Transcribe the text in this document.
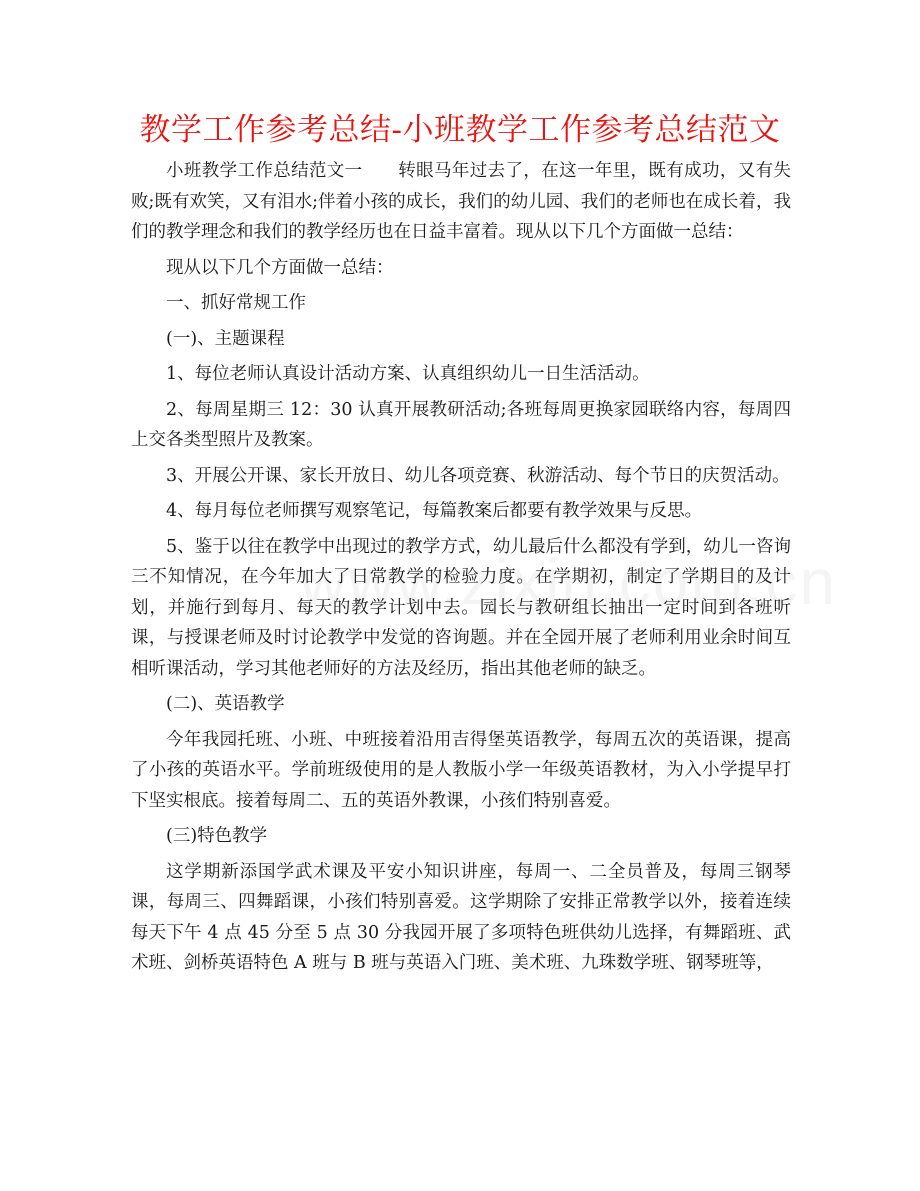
教学工作参考总结-小班教学工作参考总结范文

小班教学工作总结范文一　　转眼马年过去了，在这一年里，既有成功，又有失败;既有欢笑，又有泪水;伴着小孩的成长，我们的幼儿园、我们的老师也在成长着，我们的教学理念和我们的教学经历也在日益丰富着。现从以下几个方面做一总结：

现从以下几个方面做一总结：

一、抓好常规工作

(一)、主题课程

1、每位老师认真设计活动方案、认真组织幼儿一日生活活动。

2、每周星期三 12：30 认真开展教研活动;各班每周更换家园联络内容，每周四上交各类型照片及教案。

3、开展公开课、家长开放日、幼儿各项竞赛、秋游活动、每个节日的庆贺活动。

4、每月每位老师撰写观察笔记，每篇教案后都要有教学效果与反思。

5、鉴于以往在教学中出现过的教学方式，幼儿最后什么都没有学到，幼儿一咨询三不知情况，在今年加大了日常教学的检验力度。在学期初，制定了学期目的及计划，并施行到每月、每天的教学计划中去。园长与教研组长抽出一定时间到各班听课，与授课老师及时讨论教学中发觉的咨询题。并在全园开展了老师利用业余时间互相听课活动，学习其他老师好的方法及经历，指出其他老师的缺乏。

(二)、英语教学

今年我园托班、小班、中班接着沿用吉得堡英语教学，每周五次的英语课，提高了小孩的英语水平。学前班级使用的是人教版小学一年级英语教材，为入小学提早打下坚实根底。接着每周二、五的英语外教课，小孩们特别喜爱。

(三)特色教学

这学期新添国学武术课及平安小知识讲座，每周一、二全员普及，每周三钢琴课，每周三、四舞蹈课，小孩们特别喜爱。这学期除了安排正常教学以外，接着连续每天下午 4 点 45 分至 5 点 30 分我园开展了多项特色班供幼儿选择，有舞蹈班、武术班、剑桥英语特色 A 班与 B 班与英语入门班、美术班、九珠数学班、钢琴班等，
